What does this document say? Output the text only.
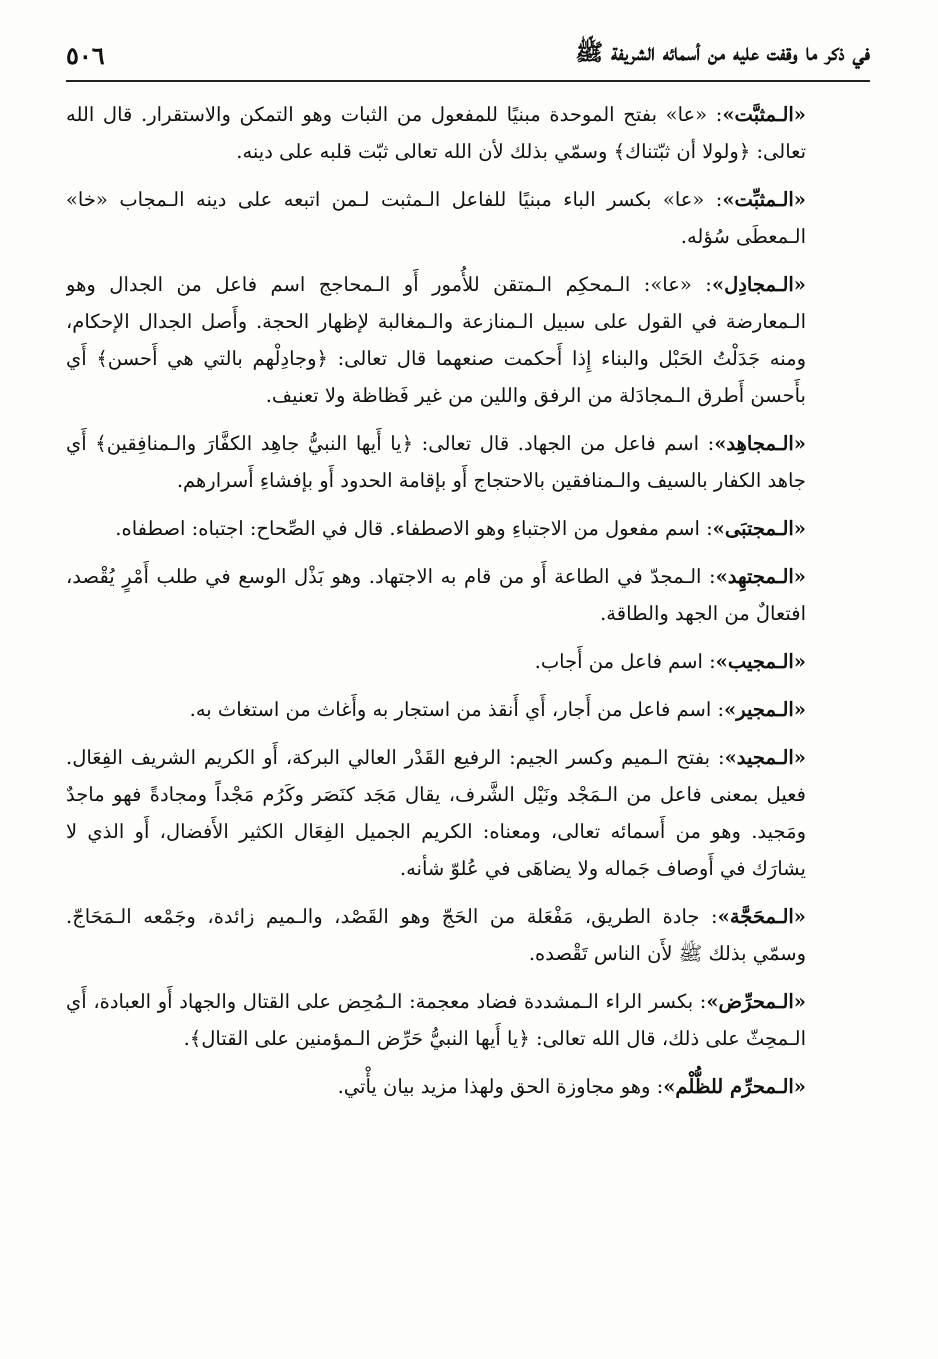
في ذكر ما وقفت عليه من أسمائه الشريفة ﷺ
٥٠٦

«الـمثبَّت»: «عا» بفتح الموحدة مبنيًا للمفعول من الثبات وهو التمكن والاستقرار. قال الله تعالى: ﴿ولولا أن ثبّتناك﴾ وسمّي بذلك لأن الله تعالى ثبّت قلبه على دينه.

«الـمثبِّت»: «عا» بكسر الباء مبنيًا للفاعل الـمثبت لـمن اتبعه على دينه الـمجاب «خا» الـمعطَى سُؤله.

«الـمجادِل»: «عا»: الـمحكِم الـمتقن للأُمور أَو الـمحاجج اسم فاعل من الجدال وهو الـمعارضة في القول على سبيل الـمنازعة والـمغالبة لإظهار الحجة. وأَصل الجدال الإحكام، ومنه جَدَلْتُ الحَبْل والبناء إِذا أَحكمت صنعهما قال تعالى: ﴿وجادِلْهم بالتي هي أَحسن﴾ أَي بأَحسن أَطرق الـمجادَلة من الرفق واللين من غير فَظاظة ولا تعنيف.

«الـمجاهِد»: اسم فاعل من الجهاد. قال تعالى: ﴿يا أَيها النبيُّ جاهِد الكفَّارَ والـمنافِقين﴾ أَي جاهد الكفار بالسيف والـمنافقين بالاحتجاج أَو بإقامة الحدود أَو بإفشاءِ أَسرارهم.

«الـمجتبَى»: اسم مفعول من الاجتباءِ وهو الاصطفاء. قال في الصِّحاح: اجتباه: اصطفاه.

«الـمجتهِد»: الـمجدّ في الطاعة أَو من قام به الاجتهاد. وهو بَذْل الوسع في طلب أَمْرٍ يُقْصد، افتعالٌ من الجهد والطاقة.

«الـمجيب»: اسم فاعل من أَجاب.

«الـمجير»: اسم فاعل من أَجار، أَي أَنقذ من استجار به وأَغاث من استغاث به.

«الـمجيد»: بفتح الـميم وكسر الجيم: الرفيع القَدْر العالي البركة، أَو الكريم الشريف الفِعَال. فعيل بمعنى فاعل من الـمَجْد ونَيْل الشَّرف، يقال مَجَد كنَصَر وكَرُم مَجْداً ومجادةً فهو ماجدٌ ومَجيد. وهو من أَسمائه تعالى، ومعناه: الكريم الجميل الفِعَال الكثير الأَفضال، أَو الذي لا يشارَك في أَوصاف جَماله ولا يضاهَى في عُلوّ شأنه.

«الـمحَجَّة»: جادة الطريق، مَفْعَلة من الحَجّ وهو القَصْد، والـميم زائدة، وجَمْعه الـمَحَاجّ. وسمّي بذلك ﷺ لأَن الناس تَقْصده.

«الـمحرِّض»: بكسر الراء الـمشددة فضاد معجمة: الـمُحِض على القتال والجهاد أَو العبادة، أَي الـمحِثّ على ذلك، قال الله تعالى: ﴿يا أَيها النبيُّ حَرِّض الـمؤمنين على القتال﴾.

«الـمحرِّم للظُّلْم»: وهو مجاوزة الحق ولهذا مزيد بيان يأْتي.
